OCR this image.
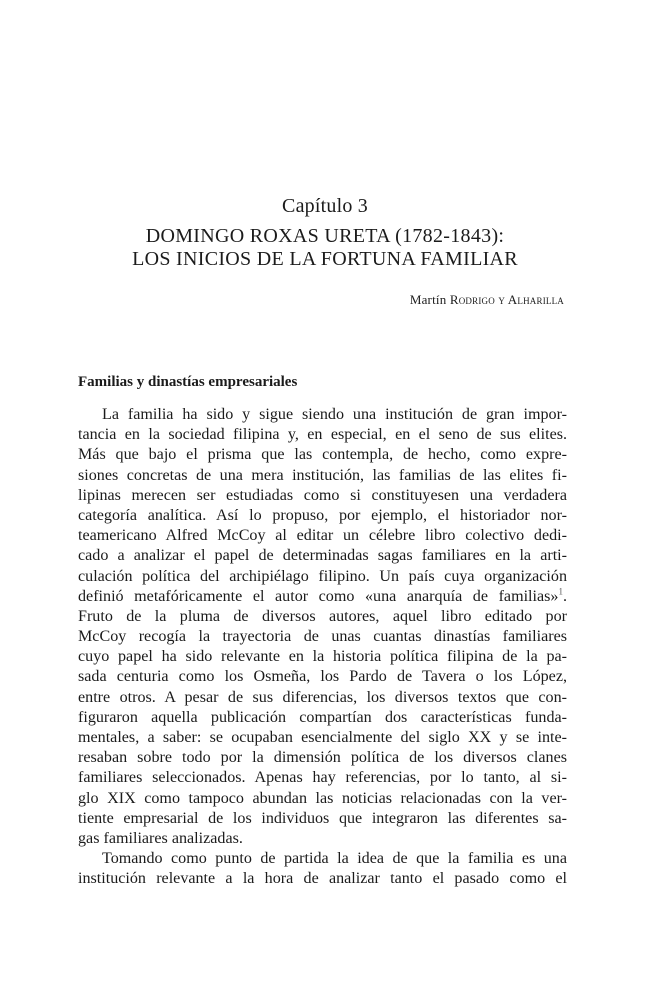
Capítulo 3
DOMINGO ROXAS URETA (1782-1843):
LOS INICIOS DE LA FORTUNA FAMILIAR
Martín Rodrigo y Alharilla
Familias y dinastías empresariales
La familia ha sido y sigue siendo una institución de gran impor-
tancia en la sociedad filipina y, en especial, en el seno de sus elites.
Más que bajo el prisma que las contempla, de hecho, como expre-
siones concretas de una mera institución, las familias de las elites fi-
lipinas merecen ser estudiadas como si constituyesen una verdadera
categoría analítica. Así lo propuso, por ejemplo, el historiador nor-
teamericano Alfred McCoy al editar un célebre libro colectivo dedi-
cado a analizar el papel de determinadas sagas familiares en la arti-
culación política del archipiélago filipino. Un país cuya organización
definió metafóricamente el autor como «una anarquía de familias»$^1$.
Fruto de la pluma de diversos autores, aquel libro editado por
McCoy recogía la trayectoria de unas cuantas dinastías familiares
cuyo papel ha sido relevante en la historia política filipina de la pa-
sada centuria como los Osmeña, los Pardo de Tavera o los López,
entre otros. A pesar de sus diferencias, los diversos textos que con-
figuraron aquella publicación compartían dos características funda-
mentales, a saber: se ocupaban esencialmente del siglo XX y se inte-
resaban sobre todo por la dimensión política de los diversos clanes
familiares seleccionados. Apenas hay referencias, por lo tanto, al si-
glo XIX como tampoco abundan las noticias relacionadas con la ver-
tiente empresarial de los individuos que integraron las diferentes sa-
gas familiares analizadas.
Tomando como punto de partida la idea de que la familia es una
institución relevante a la hora de analizar tanto el pasado como el
